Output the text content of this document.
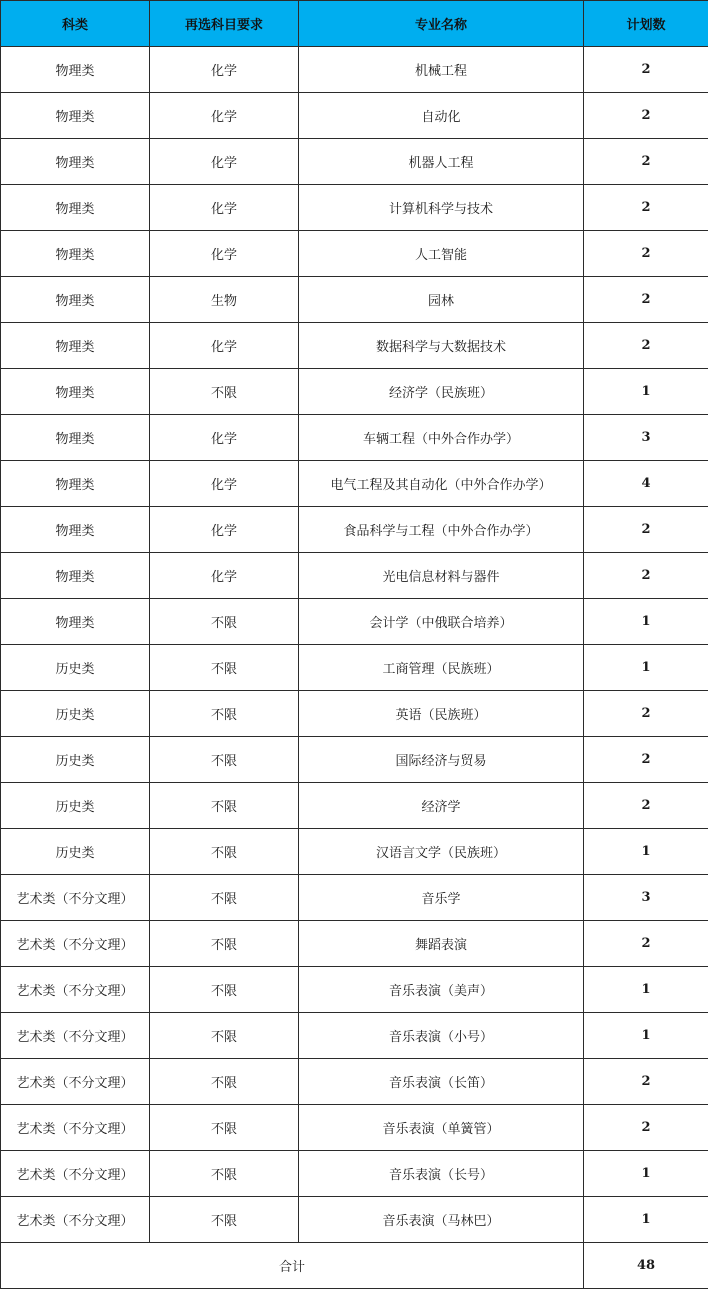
科类	再选科目要求	专业名称	计划数
物理类	化学	机械工程	2
物理类	化学	自动化	2
物理类	化学	机器人工程	2
物理类	化学	计算机科学与技术	2
物理类	化学	人工智能	2
物理类	生物	园林	2
物理类	化学	数据科学与大数据技术	2
物理类	不限	经济学（民族班）	1
物理类	化学	车辆工程（中外合作办学）	3
物理类	化学	电气工程及其自动化（中外合作办学）	4
物理类	化学	食品科学与工程（中外合作办学）	2
物理类	化学	光电信息材料与器件	2
物理类	不限	会计学（中俄联合培养）	1
历史类	不限	工商管理（民族班）	1
历史类	不限	英语（民族班）	2
历史类	不限	国际经济与贸易	2
历史类	不限	经济学	2
历史类	不限	汉语言文学（民族班）	1
艺术类（不分文理）	不限	音乐学	3
艺术类（不分文理）	不限	舞蹈表演	2
艺术类（不分文理）	不限	音乐表演（美声）	1
艺术类（不分文理）	不限	音乐表演（小号）	1
艺术类（不分文理）	不限	音乐表演（长笛）	2
艺术类（不分文理）	不限	音乐表演（单簧管）	2
艺术类（不分文理）	不限	音乐表演（长号）	1
艺术类（不分文理）	不限	音乐表演（马林巴）	1
合计			48
